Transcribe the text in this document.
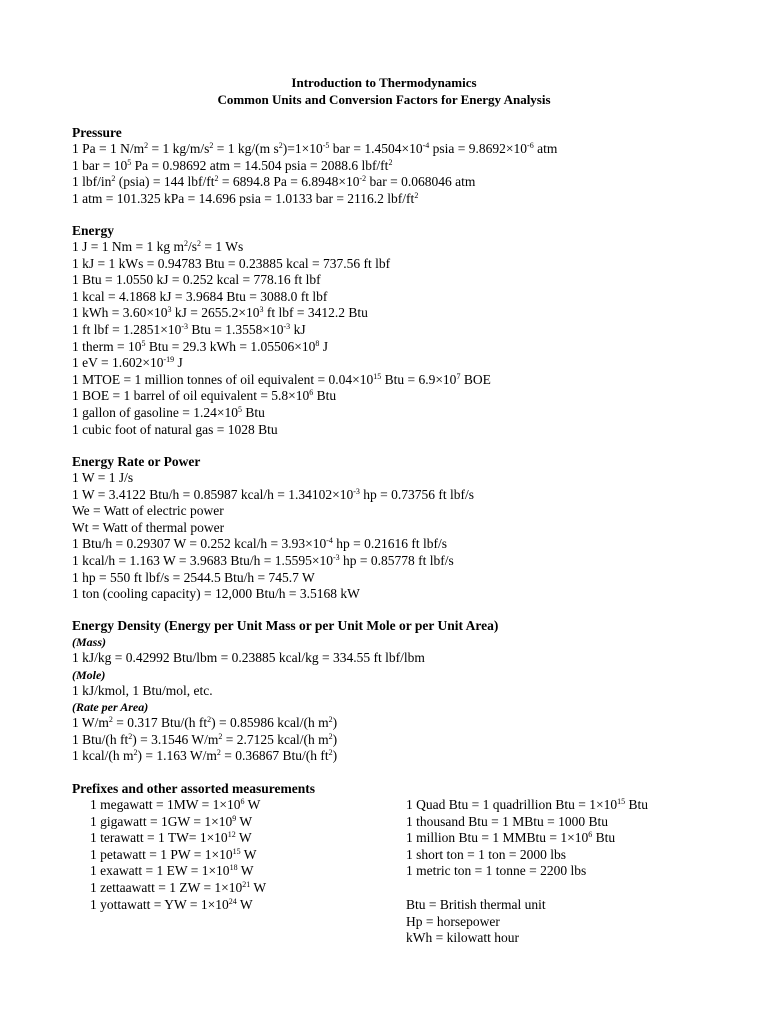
Introduction to Thermodynamics
Common Units and Conversion Factors for Energy Analysis
Pressure
1 Pa = 1 $N/m^2 = 1$ $kg/m/s^2 = 1$ kg/(m $s^2)=1\times 10^{-5}$ bar = $1.4504\times 10^{-4}$ psia = $9.8692\times 10^{-6}$ atm
1 bar = $10^5$ Pa = 0.98692 atm = 14.504 psia = 2088.6 lbf/$ft^2$
1 lbf/$in^2$ (psia) = 144 lbf/$ft^2 = 6894.8$ $Pa = 6.8948\times 10^{-2}$ bar = 0.068046 atm
1 atm = 101.325 kPa = 14.696 psia = 1.0133 bar = 2116.2 lbf/$ft^2$
Energy
1 J = 1 Nm = 1 kg $m^2/s^2 = 1$ Ws
1 kJ = 1 kWs = 0.94783 Btu = 0.23885 kcal = 737.56 ft lbf
1 Btu = 1.0550 kJ = 0.252 kcal = 778.16 ft lbf
1 kcal = 4.1868 kJ = 3.9684 Btu = 3088.0 ft lbf
1 kWh = $3.60\times 10^3$ kJ = $2655.2\times 10^3$ ft lbf = 3412.2 Btu
1 ft lbf = $1.2851\times 10^{-3}$ Btu = $1.3558\times 10^{-3}$ kJ
1 therm = $10^5$ Btu = 29.3 kWh = $1.05506\times 10^8$ J
1 eV = $1.602\times 10^{-19}$ J
1 MTOE = 1 million tonnes of oil equivalent = $0.04\times 10^{15}$ Btu = $6.9\times 10^7$ BOE
1 BOE = 1 barrel of oil equivalent = $5.8\times 10^6$ Btu
1 gallon of gasoline = $1.24\times 10^5$ Btu
1 cubic foot of natural gas = 1028 Btu
Energy Rate or Power
1 W = 1 J/s
1 W = 3.4122 Btu/h = 0.85987 kcal/h = $1.34102\times 10^{-3}$ hp = 0.73756 ft lbf/s
We = Watt of electric power
Wt = Watt of thermal power
1 Btu/h = 0.29307 W = 0.252 kcal/h = $3.93\times 10^{-4}$ hp = 0.21616 ft lbf/s
1 kcal/h = 1.163 W = 3.9683 $Btu/h = 1.5595\times 10^{-3}$ hp = 0.85778 ft lbf/s
1 hp = 550 ft lbf/s = 2544.5 Btu/h = 745.7 W
1 ton (cooling capacity) = 12,000 Btu/h = 3.5168 kW
Energy Density (Energy per Unit Mass or per Unit Mole or per Unit Area)
(Mass)
1 kJ/kg = 0.42992 Btu/lbm = 0.23885 kcal/kg = 334.55 ft lbf/lbm
(Mole)
1 kJ/kmol, 1 Btu/mol, etc.
(Rate per Area)
1 $W/m^2 = 0.317$ Btu/(h $ft^2) = 0.85986$ kcal/(h $m^2$)
1 Btu/(h $ft^2) = 3.1546$ $W/m^2 = 2.7125$ kcal/(h $m^2$)
1 kcal/(h $m^2) = 1.163$ $W/m^2 = 0.36867$ Btu/(h $ft^2$)
Prefixes and other assorted measurements
1 megawatt = $1MW = 1\times 10^6$ W
1 gigawatt = $1GW = 1\times 10^9$ W
1 terawatt = 1 $TW= 1\times 10^{12}$ W
1 petawatt = 1 PW = $1\times 10^{15}$ W
1 exawatt = 1 EW = $1\times 10^{18}$ W
1 zettaawatt = 1 ZW = $1\times 10^{21}$ W
1 yottawatt = YW = $1\times 10^{24}$ W
1 Quad Btu = 1 quadrillion Btu = $1\times 10^{15}$ Btu
1 thousand Btu = 1 MBtu = 1000 Btu
1 million Btu = 1 MMBtu = $1\times 10^6$ Btu
1 short ton = 1 ton = 2000 lbs
1 metric ton = 1 tonne = 2200 lbs
Btu = British thermal unit
Hp = horsepower
kWh = kilowatt hour
